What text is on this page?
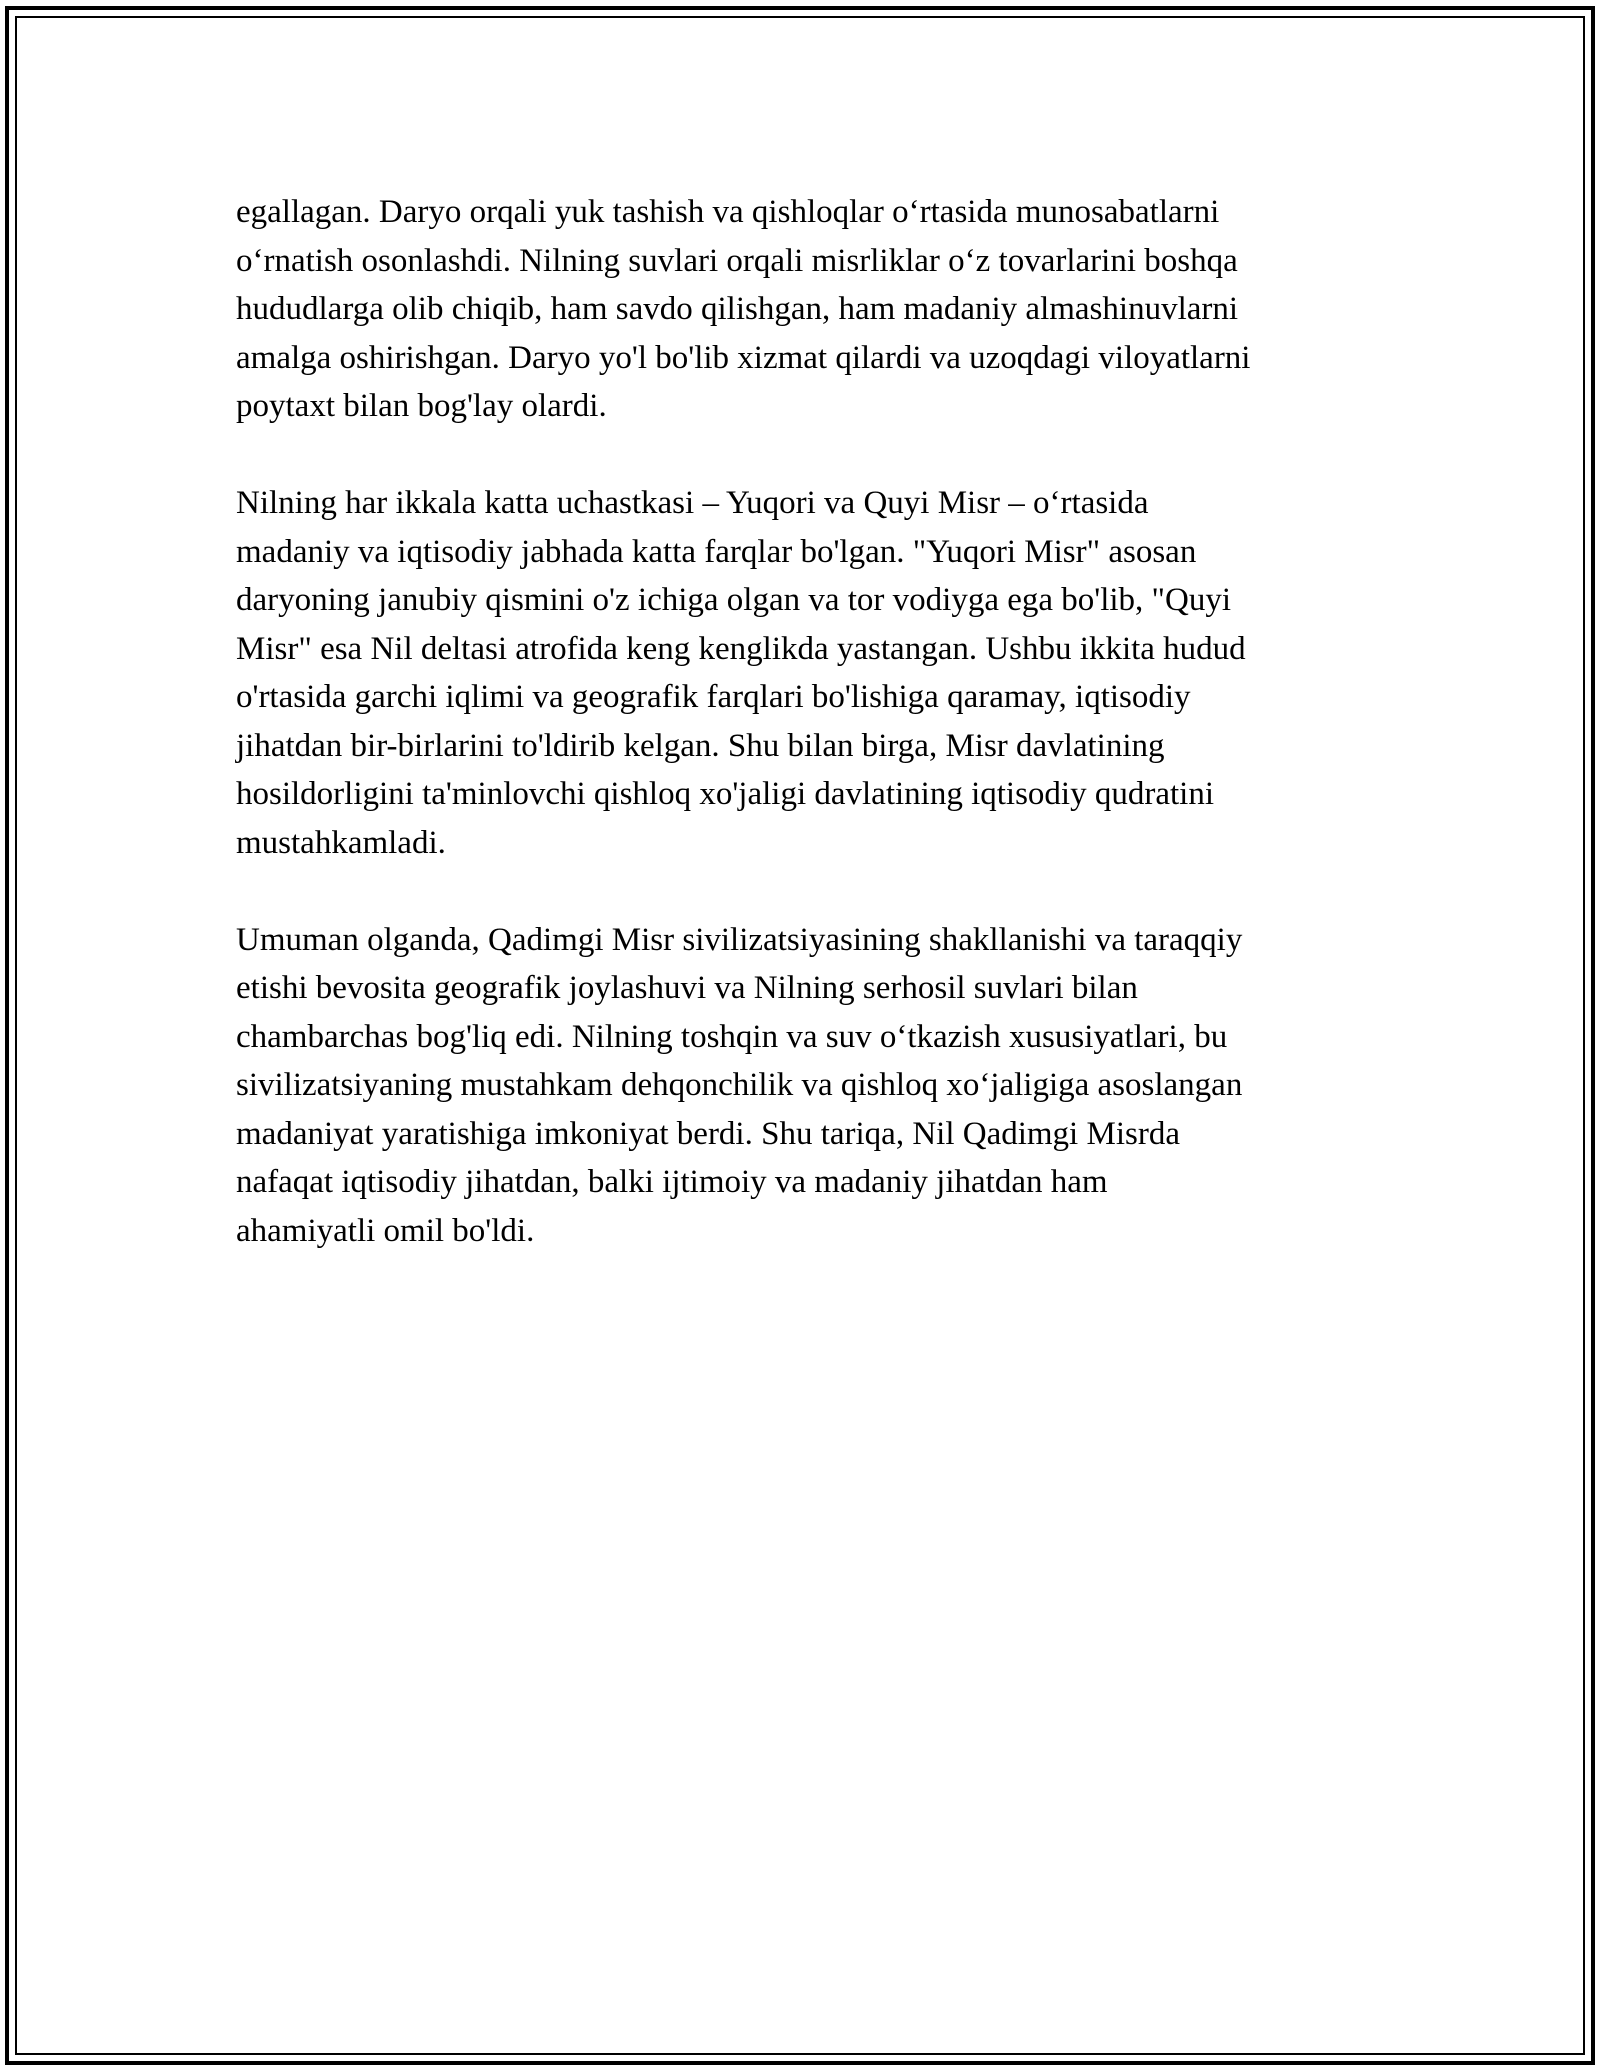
egallagan. Daryo orqali yuk tashish va qishloqlar o‘rtasida munosabatlarni
o‘rnatish osonlashdi. Nilning suvlari orqali misrliklar o‘z tovarlarini boshqa
hududlarga olib chiqib, ham savdo qilishgan, ham madaniy almashinuvlarni
amalga oshirishgan. Daryo yo'l bo'lib xizmat qilardi va uzoqdagi viloyatlarni
poytaxt bilan bog'lay olardi.

Nilning har ikkala katta uchastkasi – Yuqori va Quyi Misr – o‘rtasida
madaniy va iqtisodiy jabhada katta farqlar bo'lgan. "Yuqori Misr" asosan
daryoning janubiy qismini o'z ichiga olgan va tor vodiyga ega bo'lib, "Quyi
Misr" esa Nil deltasi atrofida keng kenglikda yastangan. Ushbu ikkita hudud
o'rtasida garchi iqlimi va geografik farqlari bo'lishiga qaramay, iqtisodiy
jihatdan bir-birlarini to'ldirib kelgan. Shu bilan birga, Misr davlatining
hosildorligini ta'minlovchi qishloq xo'jaligi davlatining iqtisodiy qudratini
mustahkamladi.

Umuman olganda, Qadimgi Misr sivilizatsiyasining shakllanishi va taraqqiy
etishi bevosita geografik joylashuvi va Nilning serhosil suvlari bilan
chambarchas bog'liq edi. Nilning toshqin va suv o‘tkazish xususiyatlari, bu
sivilizatsiyaning mustahkam dehqonchilik va qishloq xo‘jaligiga asoslangan
madaniyat yaratishiga imkoniyat berdi. Shu tariqa, Nil Qadimgi Misrda
nafaqat iqtisodiy jihatdan, balki ijtimoiy va madaniy jihatdan ham
ahamiyatli omil bo'ldi.
